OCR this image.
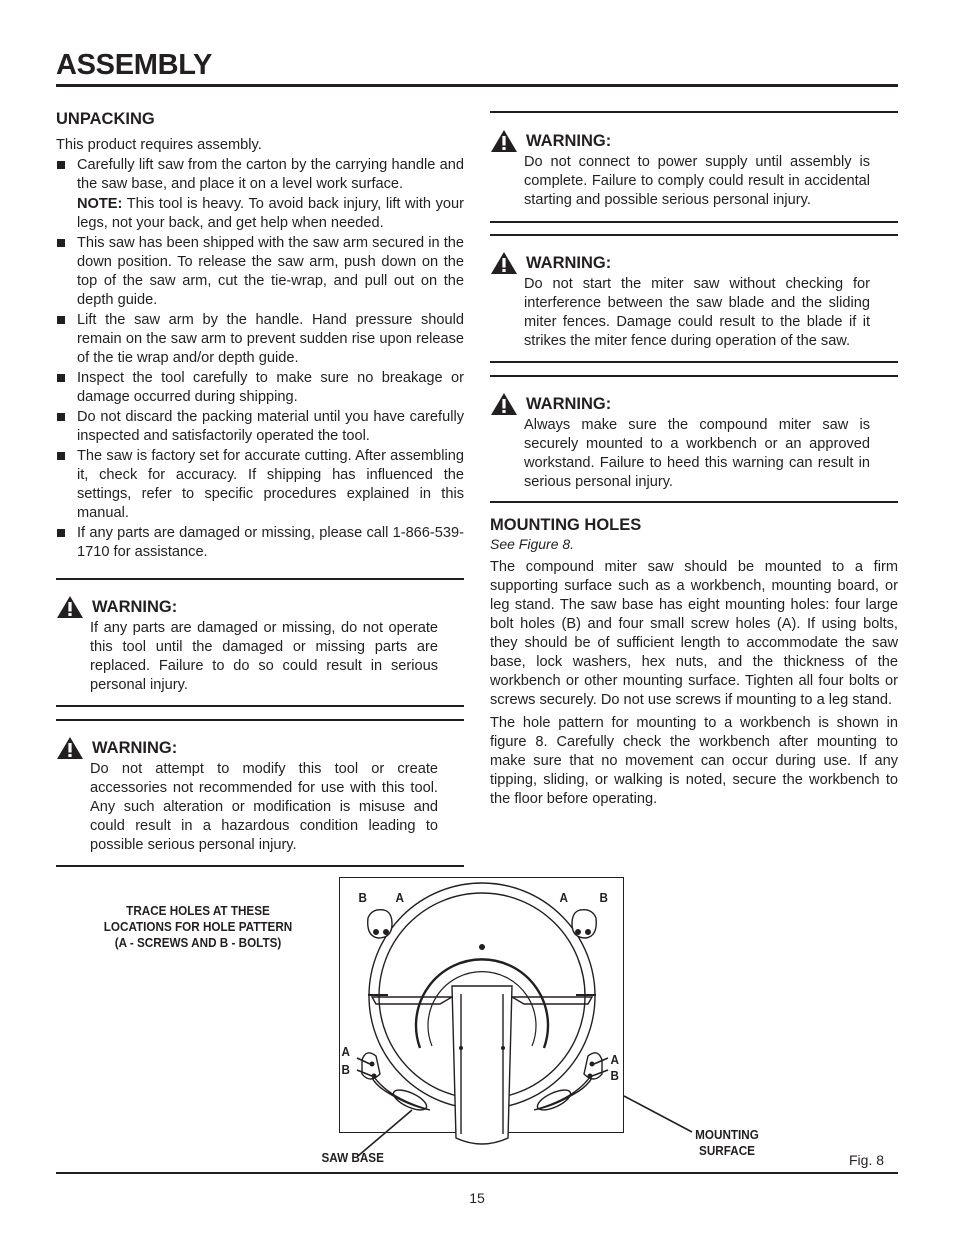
ASSEMBLY
UNPACKING

This product requires assembly.

Carefully lift saw from the carton by the carrying handle and the saw base, and place it on a level work surface.
NOTE: This tool is heavy. To avoid back injury, lift with your legs, not your back, and get help when needed.
This saw has been shipped with the saw arm secured in the down position. To release the saw arm, push down on the top of the saw arm, cut the tie-wrap, and pull out on the depth guide.
Lift the saw arm by the handle. Hand pressure should remain on the saw arm to prevent sudden rise upon release of the tie wrap and/or depth guide.
Inspect the tool carefully to make sure no breakage or damage occurred during shipping.
Do not discard the packing material until you have carefully inspected and satisfactorily operated the tool.
The saw is factory set for accurate cutting. After assembling it, check for accuracy. If shipping has influenced the settings, refer to specific procedures explained in this manual.
If any parts are damaged or missing, please call 1-866-539-1710 for assistance.
WARNING:

If any parts are damaged or missing, do not operate this tool until the damaged or missing parts are replaced. Failure to do so could result in serious personal injury.

WARNING:

Do not attempt to modify this tool or create accessories not recommended for use with this tool. Any such alteration or modification is misuse and could result in a hazardous condition leading to possible serious personal injury.

WARNING:

Do not connect to power supply until assembly is complete. Failure to comply could result in accidental starting and possible serious personal injury.

WARNING:

Do not start the miter saw without checking for interference between the saw blade and the sliding miter fences. Damage could result to the blade if it strikes the miter fence during operation of the saw.

WARNING:

Always make sure the compound miter saw is securely mounted to a workbench or an approved workstand. Failure to heed this warning can result in serious personal injury.

MOUNTING HOLES

See Figure 8.

The compound miter saw should be mounted to a firm supporting surface such as a workbench, mounting board, or leg stand. The saw base has eight mounting holes: four large bolt holes (B) and four small screw holes (A). If using bolts, they should be of sufficient length to accommodate the saw base, lock washers, hex nuts, and the thickness of the workbench or other mounting surface. Tighten all four bolts or screws securely. Do not use screws if mounting to a leg stand.

The hole pattern for mounting to a workbench is shown in figure 8. Carefully check the workbench after mounting to make sure that no movement can occur during use. If any tipping, sliding, or walking is noted, secure the workbench to the floor before operating.

TRACE HOLES AT THESE
LOCATIONS FOR HOLE PATTERN
(A - SCREWS AND B - BOLTS)
B A	A B
A
B
A
B
SAW BASE
MOUNTING
SURFACE
Fig. 8
15
